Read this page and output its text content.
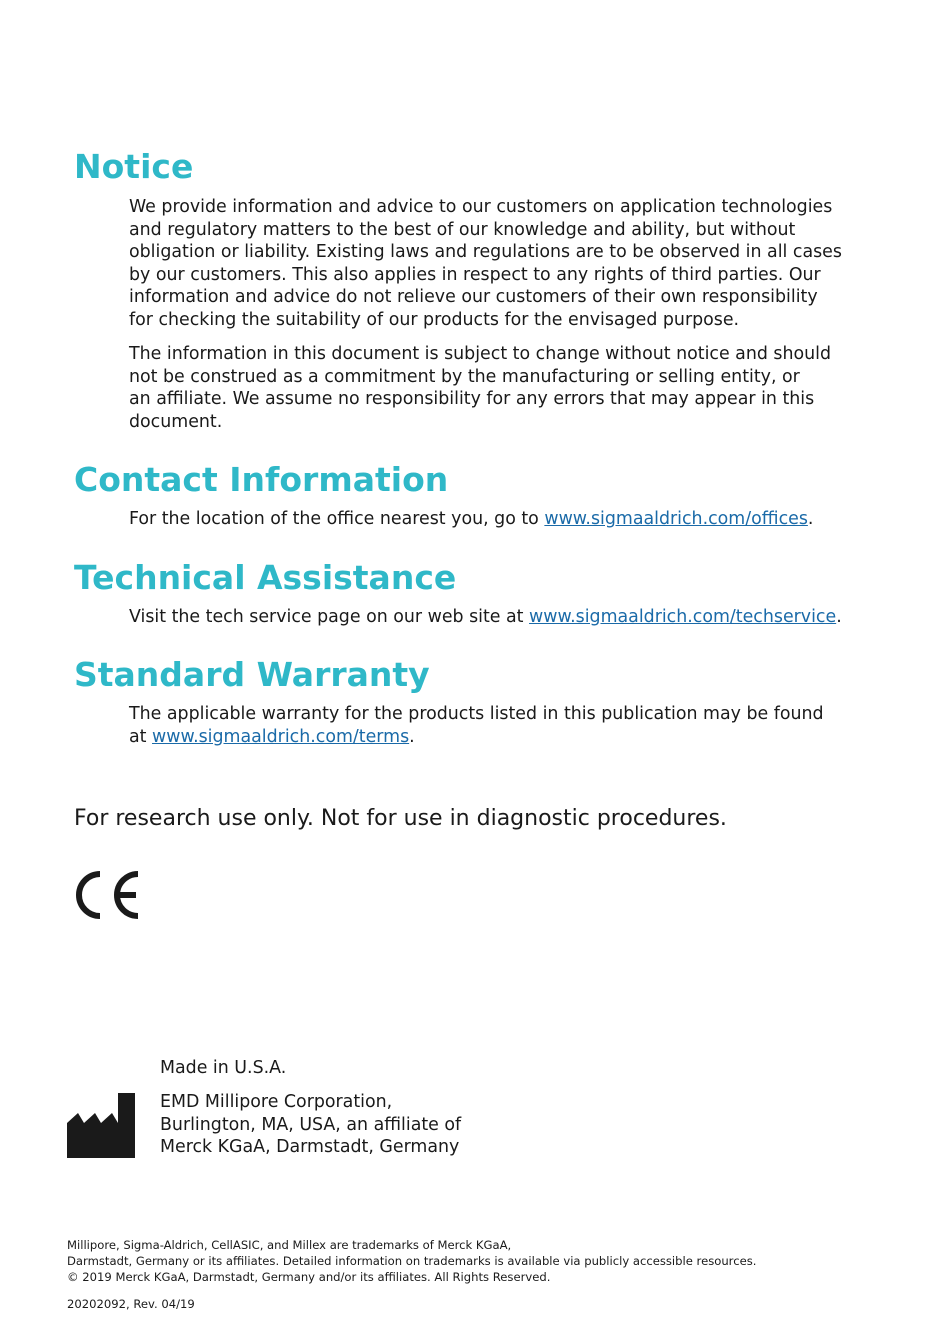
Notice
We provide information and advice to our customers on application technologies
and regulatory matters to the best of our knowledge and ability, but without
obligation or liability. Existing laws and regulations are to be observed in all cases
by our customers. This also applies in respect to any rights of third parties. Our
information and advice do not relieve our customers of their own responsibility
for checking the suitability of our products for the envisaged purpose.
The information in this document is subject to change without notice and should
not be construed as a commitment by the manufacturing or selling entity, or
an affiliate. We assume no responsibility for any errors that may appear in this
document.
Contact Information
For the location of the office nearest you, go to www.sigmaaldrich.com/offices.
Technical Assistance
Visit the tech service page on our web site at www.sigmaaldrich.com/techservice.
Standard Warranty
The applicable warranty for the products listed in this publication may be found
at www.sigmaaldrich.com/terms.

For research use only. Not for use in diagnostic procedures.

Made in U.S.A.

EMD Millipore Corporation,
Burlington, MA, USA, an affiliate of
Merck KGaA, Darmstadt, Germany
Millipore, Sigma-Aldrich, CellASIC, and Millex are trademarks of Merck KGaA,
Darmstadt, Germany or its affiliates. Detailed information on trademarks is available via publicly accessible resources.
© 2019 Merck KGaA, Darmstadt, Germany and/or its affiliates. All Rights Reserved.

20202092, Rev. 04/19
